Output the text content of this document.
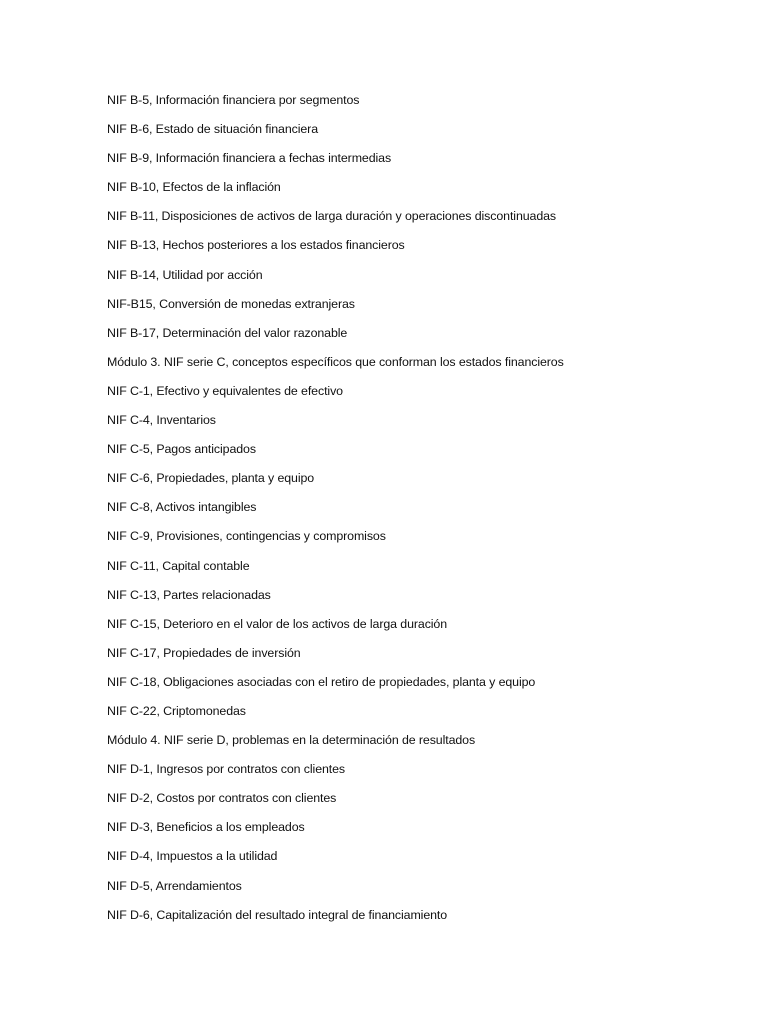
NIF B-5, Información financiera por segmentos
NIF B-6, Estado de situación financiera
NIF B-9, Información financiera a fechas intermedias
NIF B-10, Efectos de la inflación
NIF B-11, Disposiciones de activos de larga duración y operaciones discontinuadas
NIF B-13, Hechos posteriores a los estados financieros
NIF B-14, Utilidad por acción
NIF-B15, Conversión de monedas extranjeras
NIF B-17, Determinación del valor razonable
Módulo 3. NIF serie C, conceptos específicos que conforman los estados financieros
NIF C-1, Efectivo y equivalentes de efectivo
NIF C-4, Inventarios
NIF C-5, Pagos anticipados
NIF C-6, Propiedades, planta y equipo
NIF C-8, Activos intangibles
NIF C-9, Provisiones, contingencias y compromisos
NIF C-11, Capital contable
NIF C-13, Partes relacionadas
NIF C-15, Deterioro en el valor de los activos de larga duración
NIF C-17, Propiedades de inversión
NIF C-18, Obligaciones asociadas con el retiro de propiedades, planta y equipo
NIF C-22, Criptomonedas
Módulo 4. NIF serie D, problemas en la determinación de resultados
NIF D-1, Ingresos por contratos con clientes
NIF D-2, Costos por contratos con clientes
NIF D-3, Beneficios a los empleados
NIF D-4, Impuestos a la utilidad
NIF D-5, Arrendamientos
NIF D-6, Capitalización del resultado integral de financiamiento
